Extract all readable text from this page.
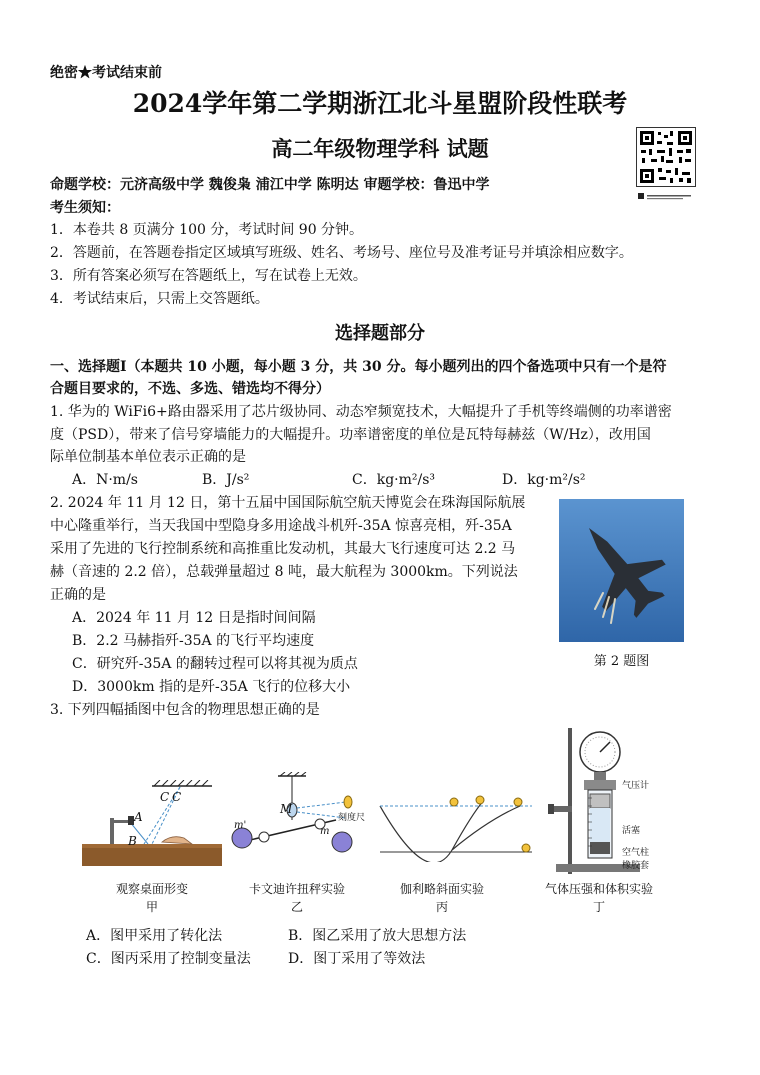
绝密★考试结束前
2024学年第二学期浙江北斗星盟阶段性联考
高二年级物理学科 试题
命题学校：元济高级中学 魏俊枭 浦江中学 陈明达 审题学校：鲁迅中学
考生须知：
1．本卷共 8 页满分 100 分，考试时间 90 分钟。
2．答题前，在答题卷指定区域填写班级、姓名、考场号、座位号及准考证号并填涂相应数字。
3．所有答案必须写在答题纸上，写在试卷上无效。
4．考试结束后，只需上交答题纸。
选择题部分
一、选择题Ⅰ（本题共 10 小题，每小题 3 分，共 30 分。每小题列出的四个备选项中只有一个是符
合题目要求的，不选、多选、错选均不得分）
1. 华为的 WiFi6+路由器采用了芯片级协同、动态窄频宽技术，大幅提升了手机等终端侧的功率谱密
度（PSD），带来了信号穿墙能力的大幅提升。功率谱密度的单位是瓦特每赫兹（W/Hz），改用国
际单位制基本单位表示正确的是
A．N·m/s	B．J/s²	C．kg·m²/s³	D．kg·m²/s²
2. 2024 年 11 月 12 日，第十五届中国国际航空航天博览会在珠海国际航展
中心隆重举行，当天我国中型隐身多用途战斗机歼-35A 惊喜亮相，歼-35A
采用了先进的飞行控制系统和高推重比发动机，其最大飞行速度可达 2.2 马
赫（音速的 2.2 倍），总载弹量超过 8 吨，最大航程为 3000km。下列说法
正确的是
A．2024 年 11 月 12 日是指时间间隔
B．2.2 马赫指歼-35A 的飞行平均速度
C．研究歼-35A 的翻转过程可以将其视为质点
D．3000km 指的是歼-35A 飞行的位移大小
第 2 题图
3. 下列四幅插图中包含的物理思想正确的是
A
B
C C
M
m'
m
刻度尺
气压计
活塞
空气柱
橡胶套
观察桌面形变
甲
卡文迪许扭秤实验
乙
伽利略斜面实验
丙
气体压强和体积实验
丁
A．图甲采用了转化法	B．图乙采用了放大思想方法
C．图丙采用了控制变量法	D．图丁采用了等效法
